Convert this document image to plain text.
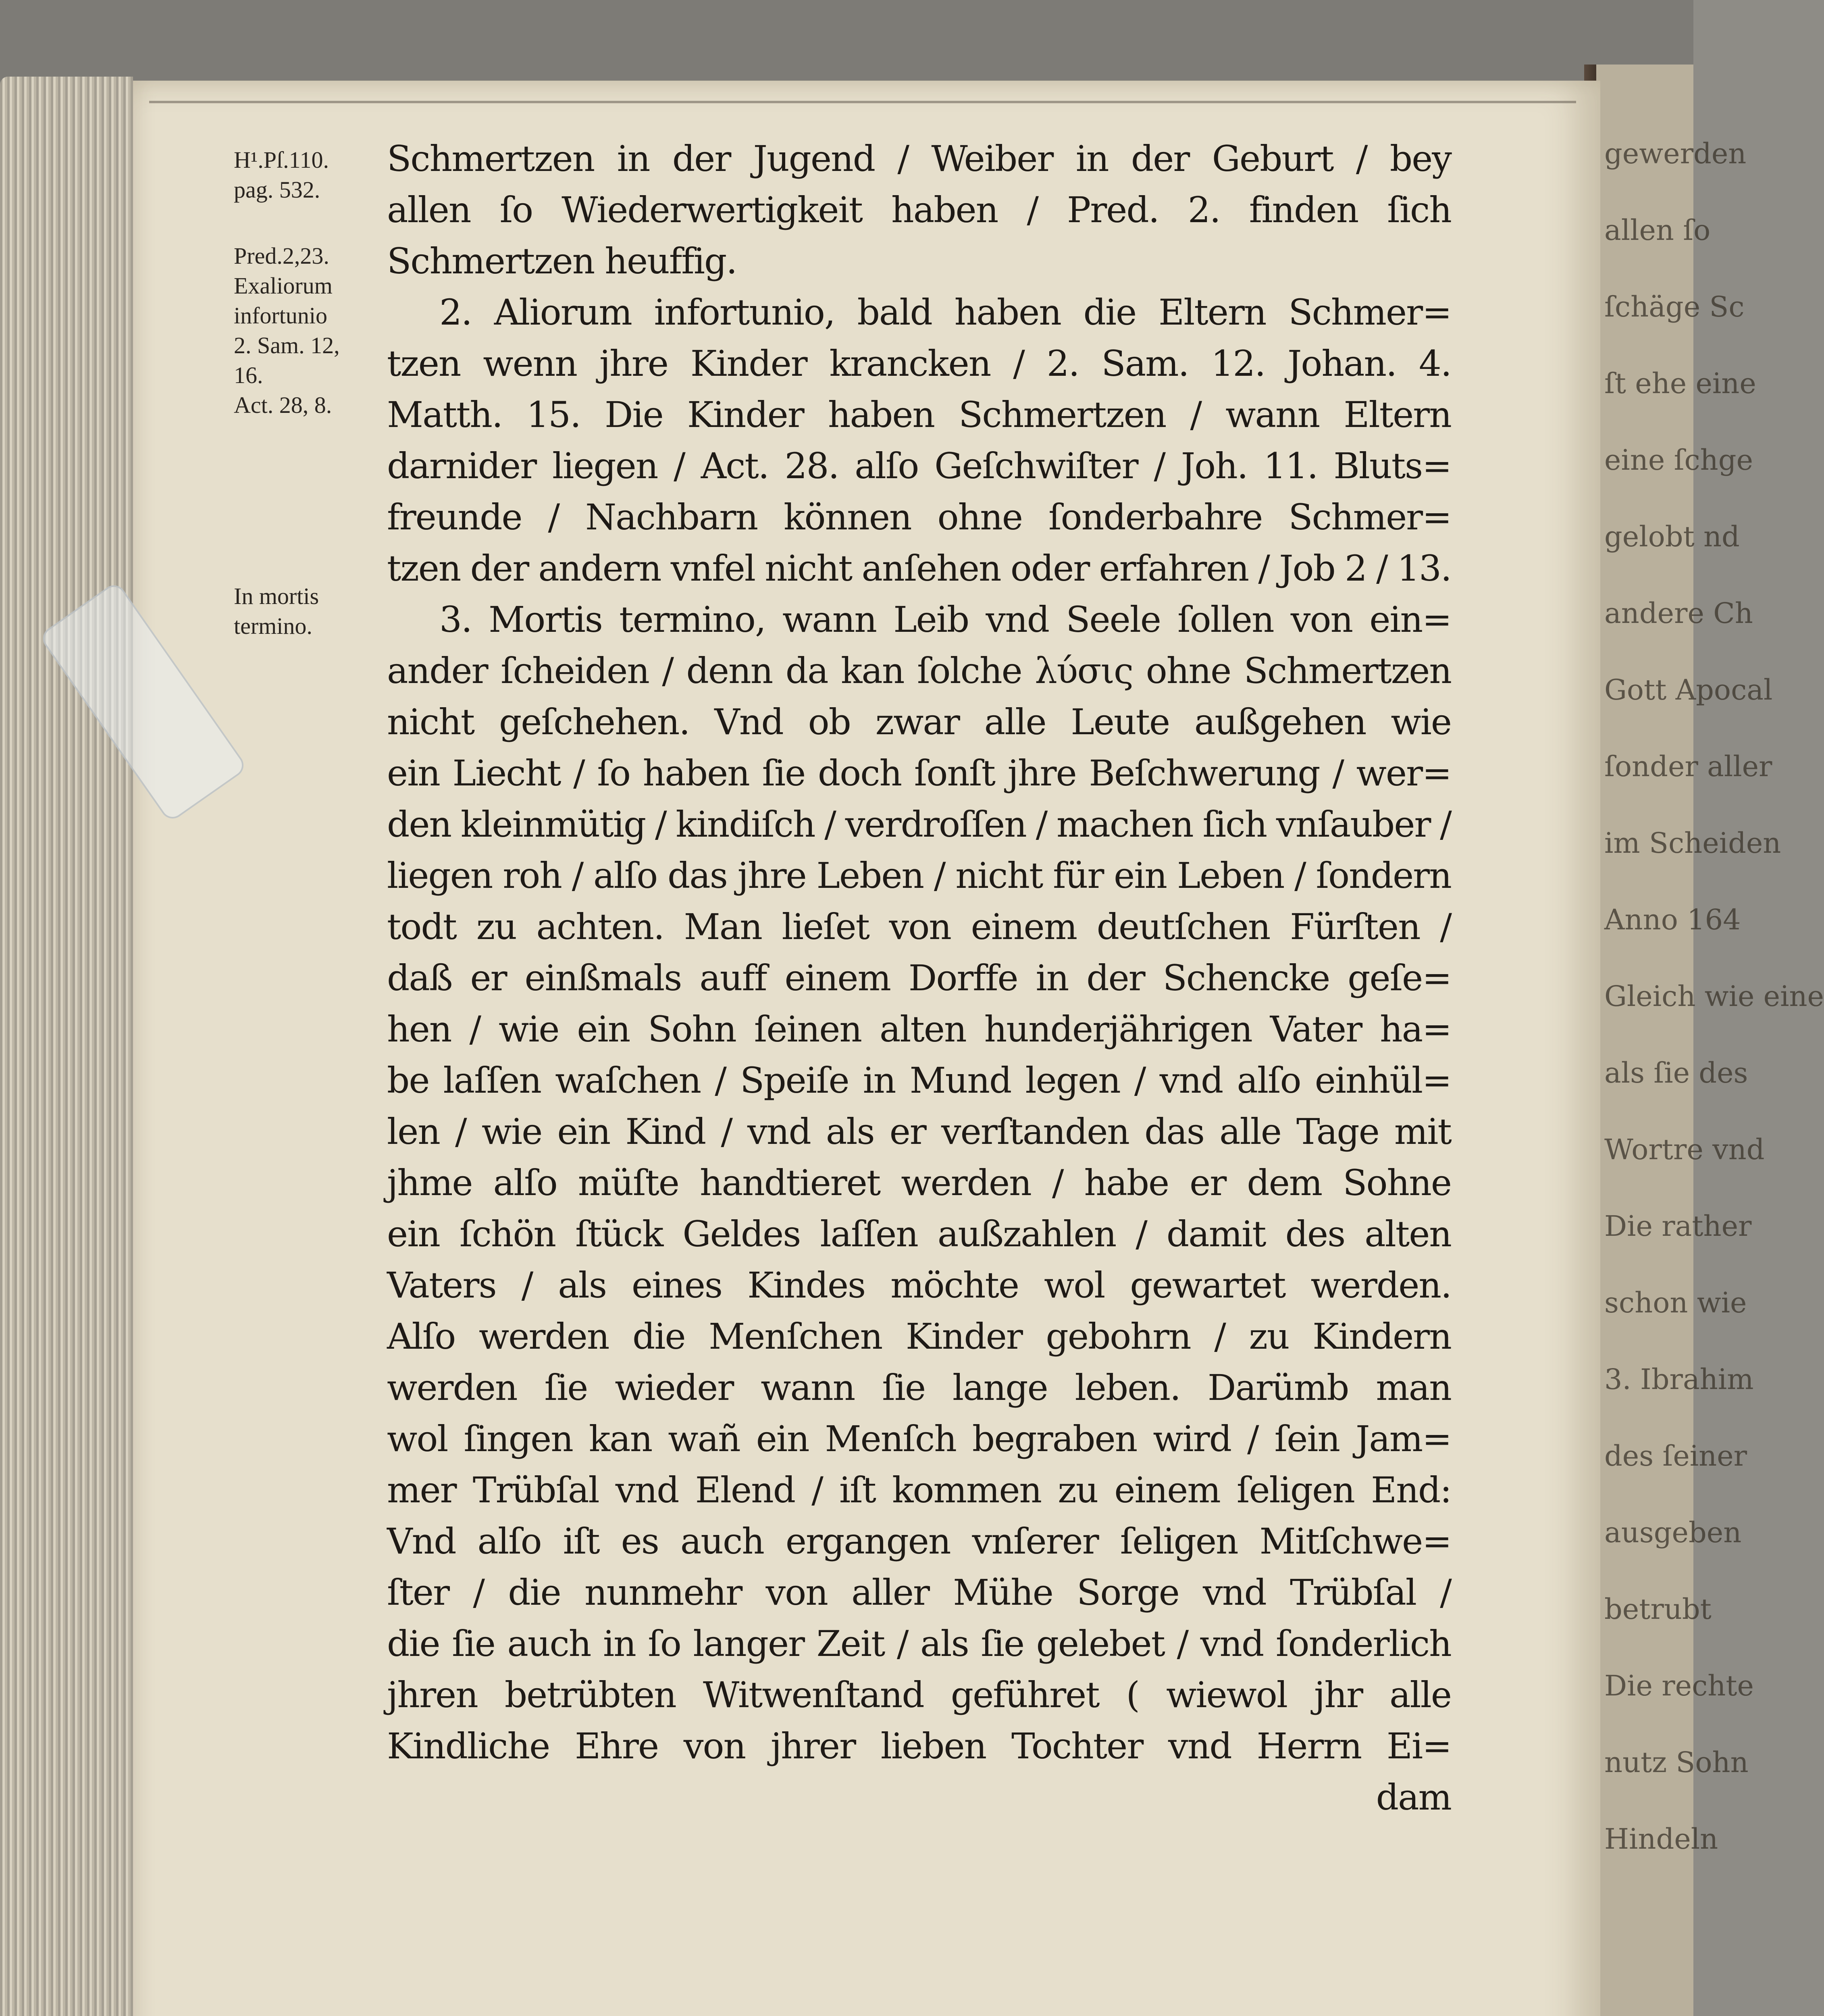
gewerden
allen ſo
ſchäge Sc
ſt ehe eine
eine ſchge
gelobt nd
andere Ch
Gott Apocal
ſonder aller
im Scheiden
Anno 164
Gleich wie eine
als ſie des
Wortre vnd
Die rather
schon wie
3. Ibrahim
des ſeiner
ausgeben
betrubt
Die rechte
nutz Sohn
Hindeln
H¹.Pſ.110.
pag. 532.
Pred.2,23.
Exaliorum
infortunio
2. Sam. 12,
16.
Act. 28, 8.
In mortis
termino.
Schmertzen in der Jugend / Weiber in der Geburt / bey
allen ſo Wiederwertigkeit haben / Pred. 2. finden ſich
Schmertzen heuffig.
2. Aliorum infortunio, bald haben die Eltern Schmer=
tzen wenn jhre Kinder krancken / 2. Sam. 12. Johan. 4.
Matth. 15. Die Kinder haben Schmertzen / wann Eltern
darnider liegen / Act. 28. alſo Geſchwiſter / Joh. 11. Bluts=
freunde / Nachbarn können ohne ſonderbahre Schmer=
tzen der andern vnfel nicht anſehen oder erfahren / Job 2 / 13.
3. Mortis termino, wann Leib vnd Seele ſollen von ein=
ander ſcheiden / denn da kan ſolche λύσις ohne Schmertzen
nicht geſchehen. Vnd ob zwar alle Leute außgehen wie
ein Liecht / ſo haben ſie doch ſonſt jhre Beſchwerung / wer=
den kleinmütig / kindiſch / verdroſſen / machen ſich vnſauber /
liegen roh / alſo das jhre Leben / nicht für ein Leben / ſondern
todt zu achten. Man lieſet von einem deutſchen Fürſten /
daß er einßmals auff einem Dorffe in der Schencke geſe=
hen / wie ein Sohn ſeinen alten hunderjährigen Vater ha=
be laſſen waſchen / Speiſe in Mund legen / vnd alſo einhül=
len / wie ein Kind / vnd als er verſtanden das alle Tage mit
jhme alſo müſte handtieret werden / habe er dem Sohne
ein ſchön ſtück Geldes laſſen außzahlen / damit des alten
Vaters / als eines Kindes möchte wol gewartet werden.
Alſo werden die Menſchen Kinder gebohrn / zu Kindern
werden ſie wieder wann ſie lange leben. Darümb man
wol ſingen kan wañ ein Menſch begraben wird / ſein Jam=
mer Trübſal vnd Elend / iſt kommen zu einem ſeligen End:
Vnd alſo iſt es auch ergangen vnſerer ſeligen Mitſchwe=
ſter / die nunmehr von aller Mühe Sorge vnd Trübſal /
die ſie auch in ſo langer Zeit / als ſie gelebet / vnd ſonderlich
jhren betrübten Witwenſtand geführet ( wiewol jhr alle
Kindliche Ehre von jhrer lieben Tochter vnd Herrn Ei=
dam
